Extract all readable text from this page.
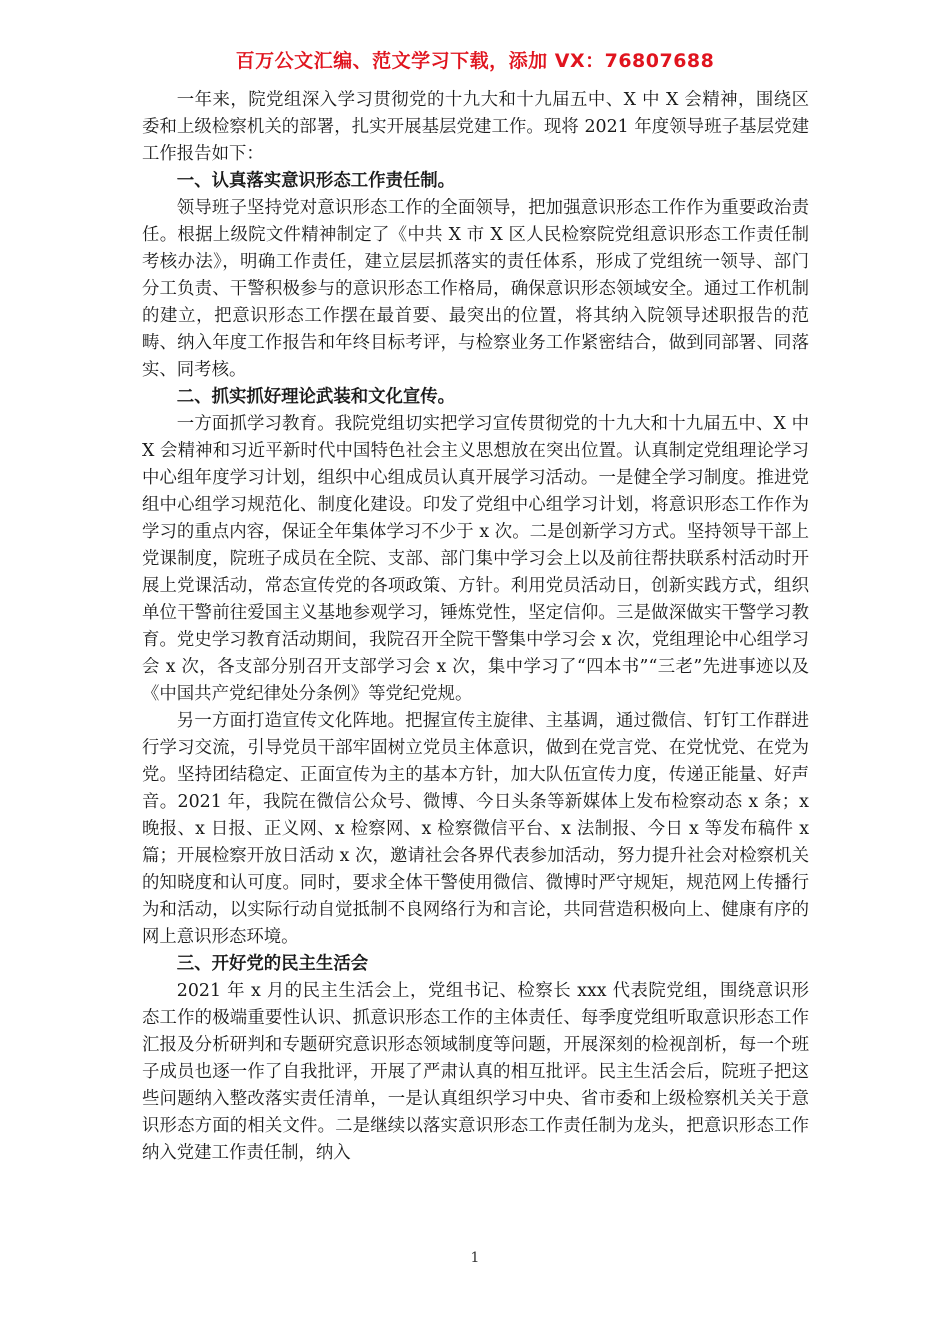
百万公文汇编、范文学习下载，添加 VX：76807688

一年来，院党组深入学习贯彻党的十九大和十九届五中、X 中 X 会精神，围绕区委和上级检察机关的部署，扎实开展基层党建工作。现将 2021 年度领导班子基层党建工作报告如下：

一、认真落实意识形态工作责任制。

领导班子坚持党对意识形态工作的全面领导，把加强意识形态工作作为重要政治责任。根据上级院文件精神制定了《中共 X 市 X 区人民检察院党组意识形态工作责任制考核办法》，明确工作责任，建立层层抓落实的责任体系，形成了党组统一领导、部门分工负责、干警积极参与的意识形态工作格局，确保意识形态领域安全。通过工作机制的建立，把意识形态工作摆在最首要、最突出的位置，将其纳入院领导述职报告的范畴、纳入年度工作报告和年终目标考评，与检察业务工作紧密结合，做到同部署、同落实、同考核。

二、抓实抓好理论武装和文化宣传。

一方面抓学习教育。我院党组切实把学习宣传贯彻党的十九大和十九届五中、X 中 X 会精神和习近平新时代中国特色社会主义思想放在突出位置。认真制定党组理论学习中心组年度学习计划，组织中心组成员认真开展学习活动。一是健全学习制度。推进党组中心组学习规范化、制度化建设。印发了党组中心组学习计划，将意识形态工作作为学习的重点内容，保证全年集体学习不少于 x 次。二是创新学习方式。坚持领导干部上党课制度，院班子成员在全院、支部、部门集中学习会上以及前往帮扶联系村活动时开展上党课活动，常态宣传党的各项政策、方针。利用党员活动日，创新实践方式，组织单位干警前往爱国主义基地参观学习，锤炼党性，坚定信仰。三是做深做实干警学习教育。党史学习教育活动期间，我院召开全院干警集中学习会 x 次，党组理论中心组学习会 x 次，各支部分别召开支部学习会 x 次，集中学习了“四本书”“三老”先进事迹以及《中国共产党纪律处分条例》等党纪党规。

另一方面打造宣传文化阵地。把握宣传主旋律、主基调，通过微信、钉钉工作群进行学习交流，引导党员干部牢固树立党员主体意识，做到在党言党、在党忧党、在党为党。坚持团结稳定、正面宣传为主的基本方针，加大队伍宣传力度，传递正能量、好声音。2021 年，我院在微信公众号、微博、今日头条等新媒体上发布检察动态 x 条；x 晚报、x 日报、正义网、x 检察网、x 检察微信平台、x 法制报、今日 x 等发布稿件 x 篇；开展检察开放日活动 x 次，邀请社会各界代表参加活动，努力提升社会对检察机关的知晓度和认可度。同时，要求全体干警使用微信、微博时严守规矩，规范网上传播行为和活动，以实际行动自觉抵制不良网络行为和言论，共同营造积极向上、健康有序的网上意识形态环境。

三、开好党的民主生活会

2021 年 x 月的民主生活会上，党组书记、检察长 xxx 代表院党组，围绕意识形态工作的极端重要性认识、抓意识形态工作的主体责任、每季度党组听取意识形态工作汇报及分析研判和专题研究意识形态领域制度等问题，开展深刻的检视剖析，每一个班子成员也逐一作了自我批评，开展了严肃认真的相互批评。民主生活会后，院班子把这些问题纳入整改落实责任清单，一是认真组织学习中央、省市委和上级检察机关关于意识形态方面的相关文件。二是继续以落实意识形态工作责任制为龙头，把意识形态工作纳入党建工作责任制，纳入

1
